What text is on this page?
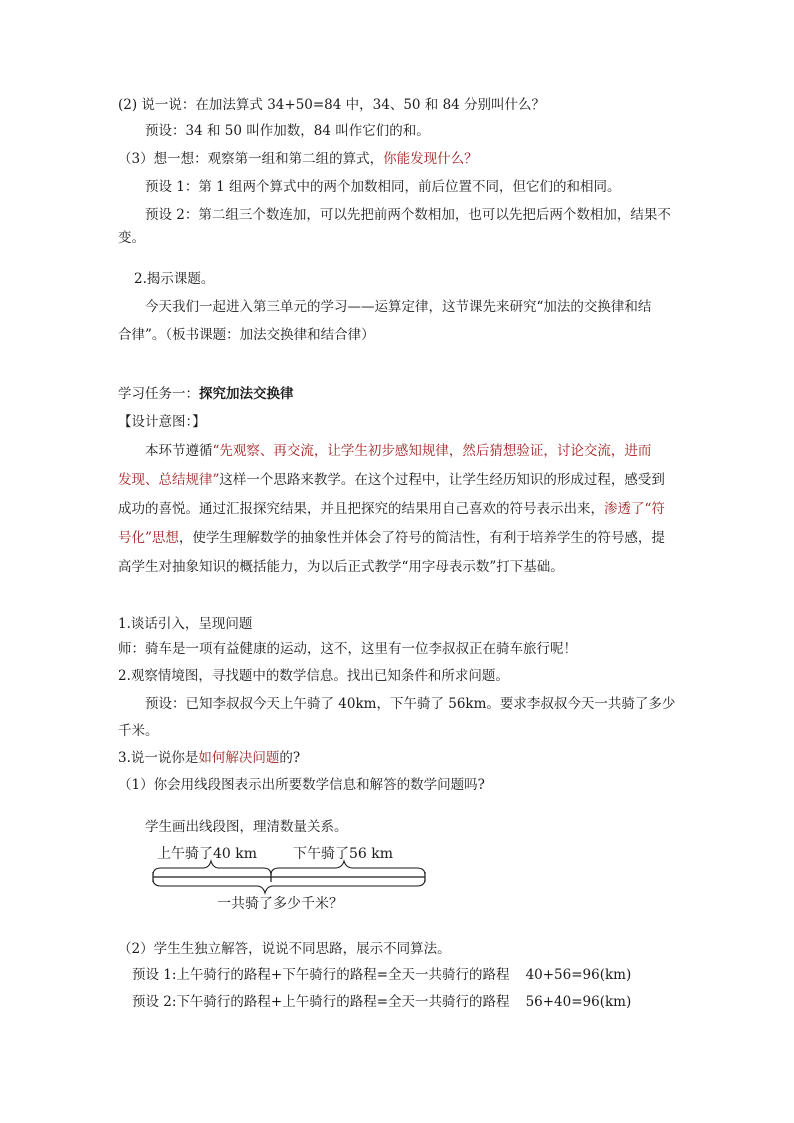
(2) 说一说：在加法算式 34+50=84 中，34、50 和 84 分别叫什么？
预设：34 和 50 叫作加数，84 叫作它们的和。
（3）想一想：观察第一组和第二组的算式，你能发现什么？
预设 1：第 1 组两个算式中的两个加数相同，前后位置不同，但它们的和相同。
预设 2：第二组三个数连加，可以先把前两个数相加，也可以先把后两个数相加，结果不
变。
2.揭示课题。
今天我们一起进入第三单元的学习——运算定律，这节课先来研究“加法的交换律和结
合律”。（板书课题：加法交换律和结合律）
学习任务一：探究加法交换律
【设计意图：】
本环节遵循“先观察、再交流，让学生初步感知规律，然后猜想验证，讨论交流，进而
发现、总结规律”这样一个思路来教学。在这个过程中，让学生经历知识的形成过程，感受到
成功的喜悦。通过汇报探究结果，并且把探究的结果用自己喜欢的符号表示出来，渗透了“符
号化”思想，使学生理解数学的抽象性并体会了符号的简洁性，有利于培养学生的符号感，提
高学生对抽象知识的概括能力，为以后正式教学“用字母表示数”打下基础。
1.谈话引入，呈现问题
师：骑车是一项有益健康的运动，这不，这里有一位李叔叔正在骑车旅行呢！
2.观察情境图，寻找题中的数学信息。找出已知条件和所求问题。
预设：已知李叔叔今天上午骑了 40km，下午骑了 56km。要求李叔叔今天一共骑了多少
千米。
3.说一说你是如何解决问题的?
（1）你会用线段图表示出所要数学信息和解答的数学问题吗?
学生画出线段图，理清数量关系。
上午骑了40 km	下午骑了56 km
一共骑了多少千米？
（2）学生生独立解答，说说不同思路，展示不同算法。
预设 1:上午骑行的路程+下午骑行的路程=全天一共骑行的路程 40+56=96(km)
预设 2:下午骑行的路程+上午骑行的路程=全天一共骑行的路程 56+40=96(km)
